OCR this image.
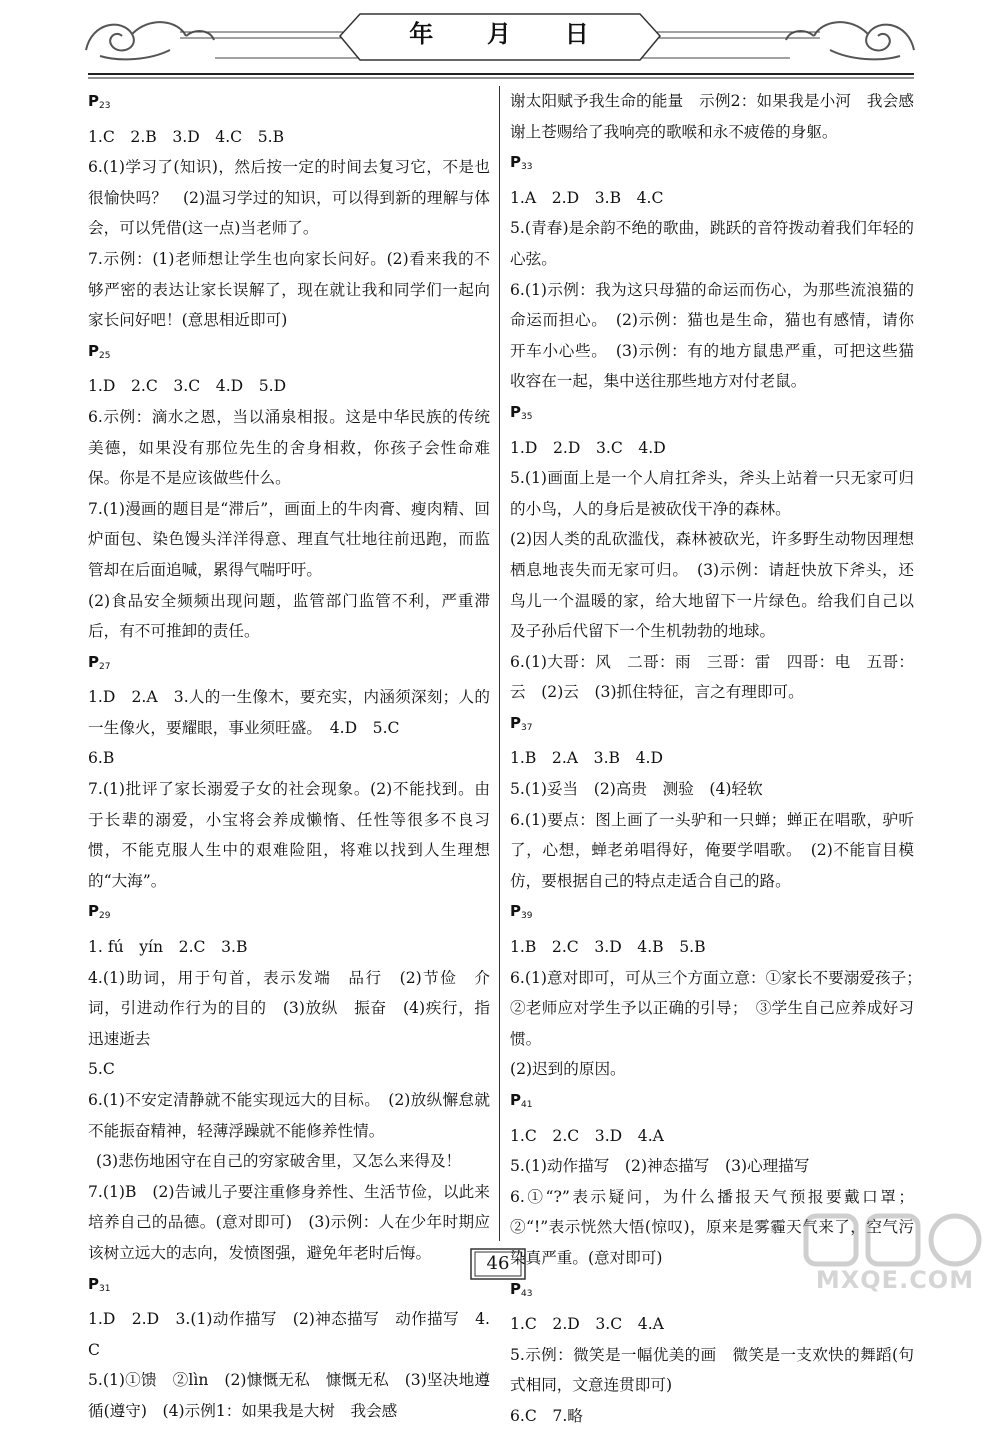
年     月     日

$P_{23}$

1.C　2.B　3.D　4.C　5.B

6.(1)学习了(知识)，然后按一定的时间去复习它，不是也很愉快吗？　(2)温习学过的知识，可以得到新的理解与体会，可以凭借(这一点)当老师了。

7.示例：(1)老师想让学生也向家长问好。(2)看来我的不够严密的表达让家长误解了，现在就让我和同学们一起向家长问好吧！(意思相近即可)

$P_{25}$

1.D　2.C　3.C　4.D　5.D

6.示例：滴水之恩，当以涌泉相报。这是中华民族的传统美德，如果没有那位先生的舍身相救，你孩子会性命难保。你是不是应该做些什么。

7.(1)漫画的题目是“滞后”，画面上的牛肉膏、瘦肉精、回炉面包、染色馒头洋洋得意、理直气壮地往前迅跑，而监管却在后面追喊，累得气喘吁吁。

(2)食品安全频频出现问题，监管部门监管不利，严重滞后，有不可推卸的责任。

$P_{27}$

1.D　2.A　3.人的一生像木，要充实，内涵须深刻；人的一生像火，要耀眼，事业须旺盛。　4.D　5.C

6.B

7.(1)批评了家长溺爱子女的社会现象。(2)不能找到。由于长辈的溺爱，小宝将会养成懒惰、任性等很多不良习惯，不能克服人生中的艰难险阻，将难以找到人生理想的“大海”。

$P_{29}$

1. fú　yín　2.C　3.B

4.(1)助词，用于句首，表示发端　品行　(2)节俭　介词，引进动作行为的目的　(3)放纵　振奋　(4)疾行，指迅速逝去

5.C

6.(1)不安定清静就不能实现远大的目标。　(2)放纵懈怠就不能振奋精神，轻薄浮躁就不能修养性情。

(3)悲伤地困守在自己的穷家破舍里，又怎么来得及！

7.(1)B　(2)告诫儿子要注重修身养性、生活节俭，以此来培养自己的品德。(意对即可)　(3)示例：人在少年时期应该树立远大的志向，发愤图强，避免年老时后悔。

$P_{31}$

1.D　2.D　3.(1)动作描写　(2)神态描写　动作描写　4.C

5.(1)①馈　②lìn　(2)慷慨无私　慷慨无私　(3)坚决地遵循(遵守)　(4)示例1：如果我是大树　我会感

谢太阳赋予我生命的能量　示例2：如果我是小河　我会感谢上苍赐给了我响亮的歌喉和永不疲倦的身躯。

$P_{33}$

1.A　2.D　3.B　4.C

5.(青春)是余韵不绝的歌曲，跳跃的音符拨动着我们年轻的心弦。

6.(1)示例：我为这只母猫的命运而伤心，为那些流浪猫的命运而担心。　(2)示例：猫也是生命，猫也有感情，请你开车小心些。　(3)示例：有的地方鼠患严重，可把这些猫收容在一起，集中送往那些地方对付老鼠。

$P_{35}$

1.D　2.D　3.C　4.D

5.(1)画面上是一个人肩扛斧头，斧头上站着一只无家可归的小鸟，人的身后是被砍伐干净的森林。

(2)因人类的乱砍滥伐，森林被砍光，许多野生动物因理想栖息地丧失而无家可归。　(3)示例：请赶快放下斧头，还鸟儿一个温暖的家，给大地留下一片绿色。给我们自己以及子孙后代留下一个生机勃勃的地球。

6.(1)大哥：风　二哥：雨　三哥：雷　四哥：电　五哥：云　(2)云　(3)抓住特征，言之有理即可。

$P_{37}$

1.B　2.A　3.B　4.D

5.(1)妥当　(2)高贵　测验　(4)轻软

6.(1)要点：图上画了一头驴和一只蝉；蝉正在唱歌，驴听了，心想，蝉老弟唱得好，俺要学唱歌。　(2)不能盲目模仿，要根据自己的特点走适合自己的路。

$P_{39}$

1.B　2.C　3.D　4.B　5.B

6.(1)意对即可，可从三个方面立意：①家长不要溺爱孩子；　②老师应对学生予以正确的引导；　③学生自己应养成好习惯。

(2)迟到的原因。

$P_{41}$

1.C　2.C　3.D　4.A

5.(1)动作描写　(2)神态描写　(3)心理描写

6.①“?”表示疑问，为什么播报天气预报要戴口罩；②“!”表示恍然大悟(惊叹)，原来是雾霾天气来了，空气污染真严重。(意对即可)

$P_{43}$

1.C　2.D　3.C　4.A

5.示例：微笑是一幅优美的画　微笑是一支欢快的舞蹈(句式相同，文意连贯即可)

6.C　7.略

46
MXQE.COM
